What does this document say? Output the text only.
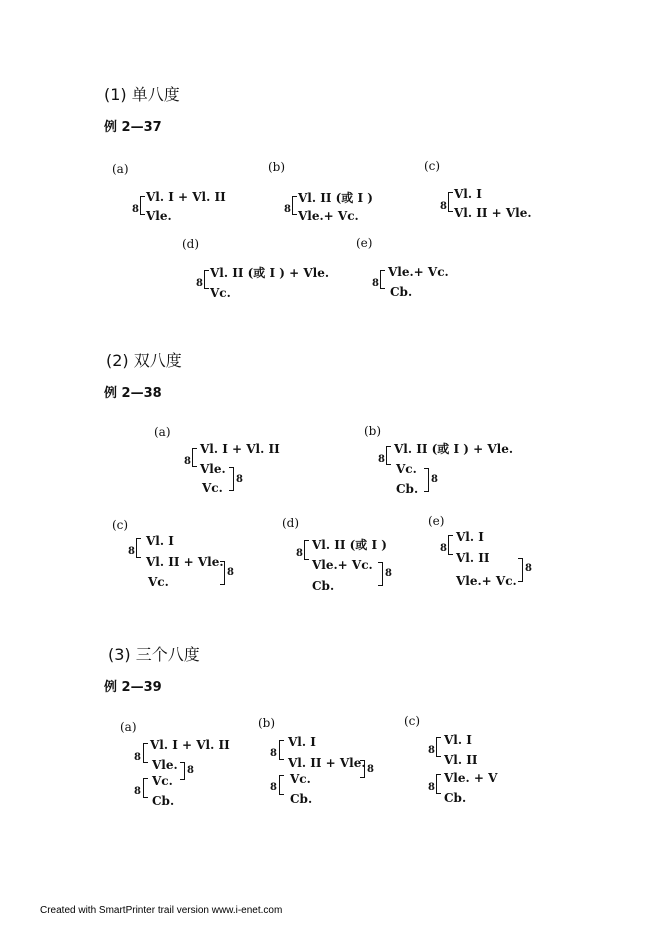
(1) 单八度
例 2—37
(a)
8
Vl. I + Vl. II
Vle.
(b)
8
Vl. II (或 I )
Vle.+ Vc.
(c)
8
Vl. I
Vl. II + Vle.
(d)
8
Vl. II (或 I ) + Vle.
Vc.
(e)
8
Vle.+ Vc.
Cb.
(2) 双八度
例 2—38
(a)
8
Vl. I + Vl. II
Vle.
Vc.
8
(b)
8
Vl. II (或 I ) + Vle.
Vc.
Cb.
8
(c)
8
Vl. I
Vl. II + Vle.
Vc.
8
(d)
8
Vl. II (或 I )
Vle.+ Vc.
Cb.
8
(e)
8
Vl. I
Vl. II
Vle.+ Vc.
8
(3) 三个八度
例 2—39
(a)
8
Vl. I + Vl. II
Vle. 8
8
Vc.
Cb.
(b)
8
Vl. I
Vl. II + Vle. 8
8
Vc.
Cb.
(c)
8
Vl. I
Vl. II
8
Vle. + V
Cb.
Created with SmartPrinter trail version www.i-enet.com
